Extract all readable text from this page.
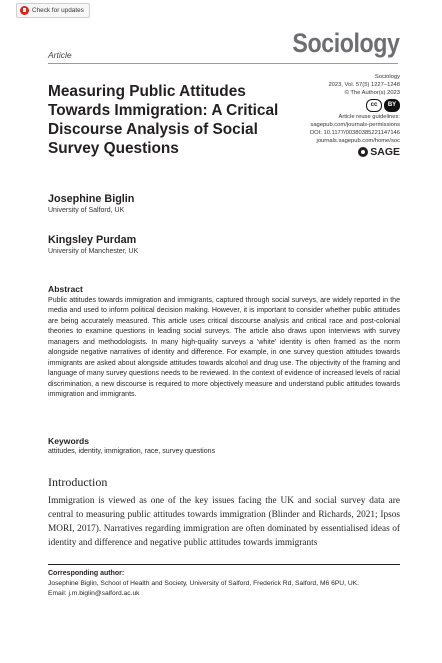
Check for updates
Article	Sociology
Measuring Public Attitudes Towards Immigration: A Critical Discourse Analysis of Social Survey Questions
Sociology
2023, Vol. 57(5) 1227–1248
© The Author(s) 2023
cc	BY
Article reuse guidelines:
sagepub.com/journals-permissions
DOI: 10.1177/00380385221147146
journals.sagepub.com/home/soc
SAGE
Josephine Biglin
University of Salford, UK
Kingsley Purdam
University of Manchester, UK
Abstract
Public attitudes towards immigration and immigrants, captured through social surveys, are widely reported in the media and used to inform political decision making. However, it is important to consider whether public attitudes are being accurately measured. This article uses critical discourse analysis and critical race and post-colonial theories to examine questions in leading social surveys. The article also draws upon interviews with survey managers and methodologists. In many high-quality surveys a 'white' identity is often framed as the norm alongside negative narratives of identity and difference. For example, in one survey question attitudes towards immigrants are asked about alongside attitudes towards alcohol and drug use. The objectivity of the framing and language of many survey questions needs to be reviewed. In the context of evidence of increased levels of racial discrimination, a new discourse is required to more objectively measure and understand public attitudes towards immigration and immigrants.
Keywords
attitudes, identity, immigration, race, survey questions
Introduction
Immigration is viewed as one of the key issues facing the UK and social survey data are central to measuring public attitudes towards immigration (Blinder and Richards, 2021; Ipsos MORI, 2017). Narratives regarding immigration are often dominated by essentialised ideas of identity and difference and negative public attitudes towards immigrants
Corresponding author:
Josephine Biglin, School of Health and Society, University of Salford, Frederick Rd, Salford, M6 6PU, UK.
Email: j.m.biglin@salford.ac.uk
